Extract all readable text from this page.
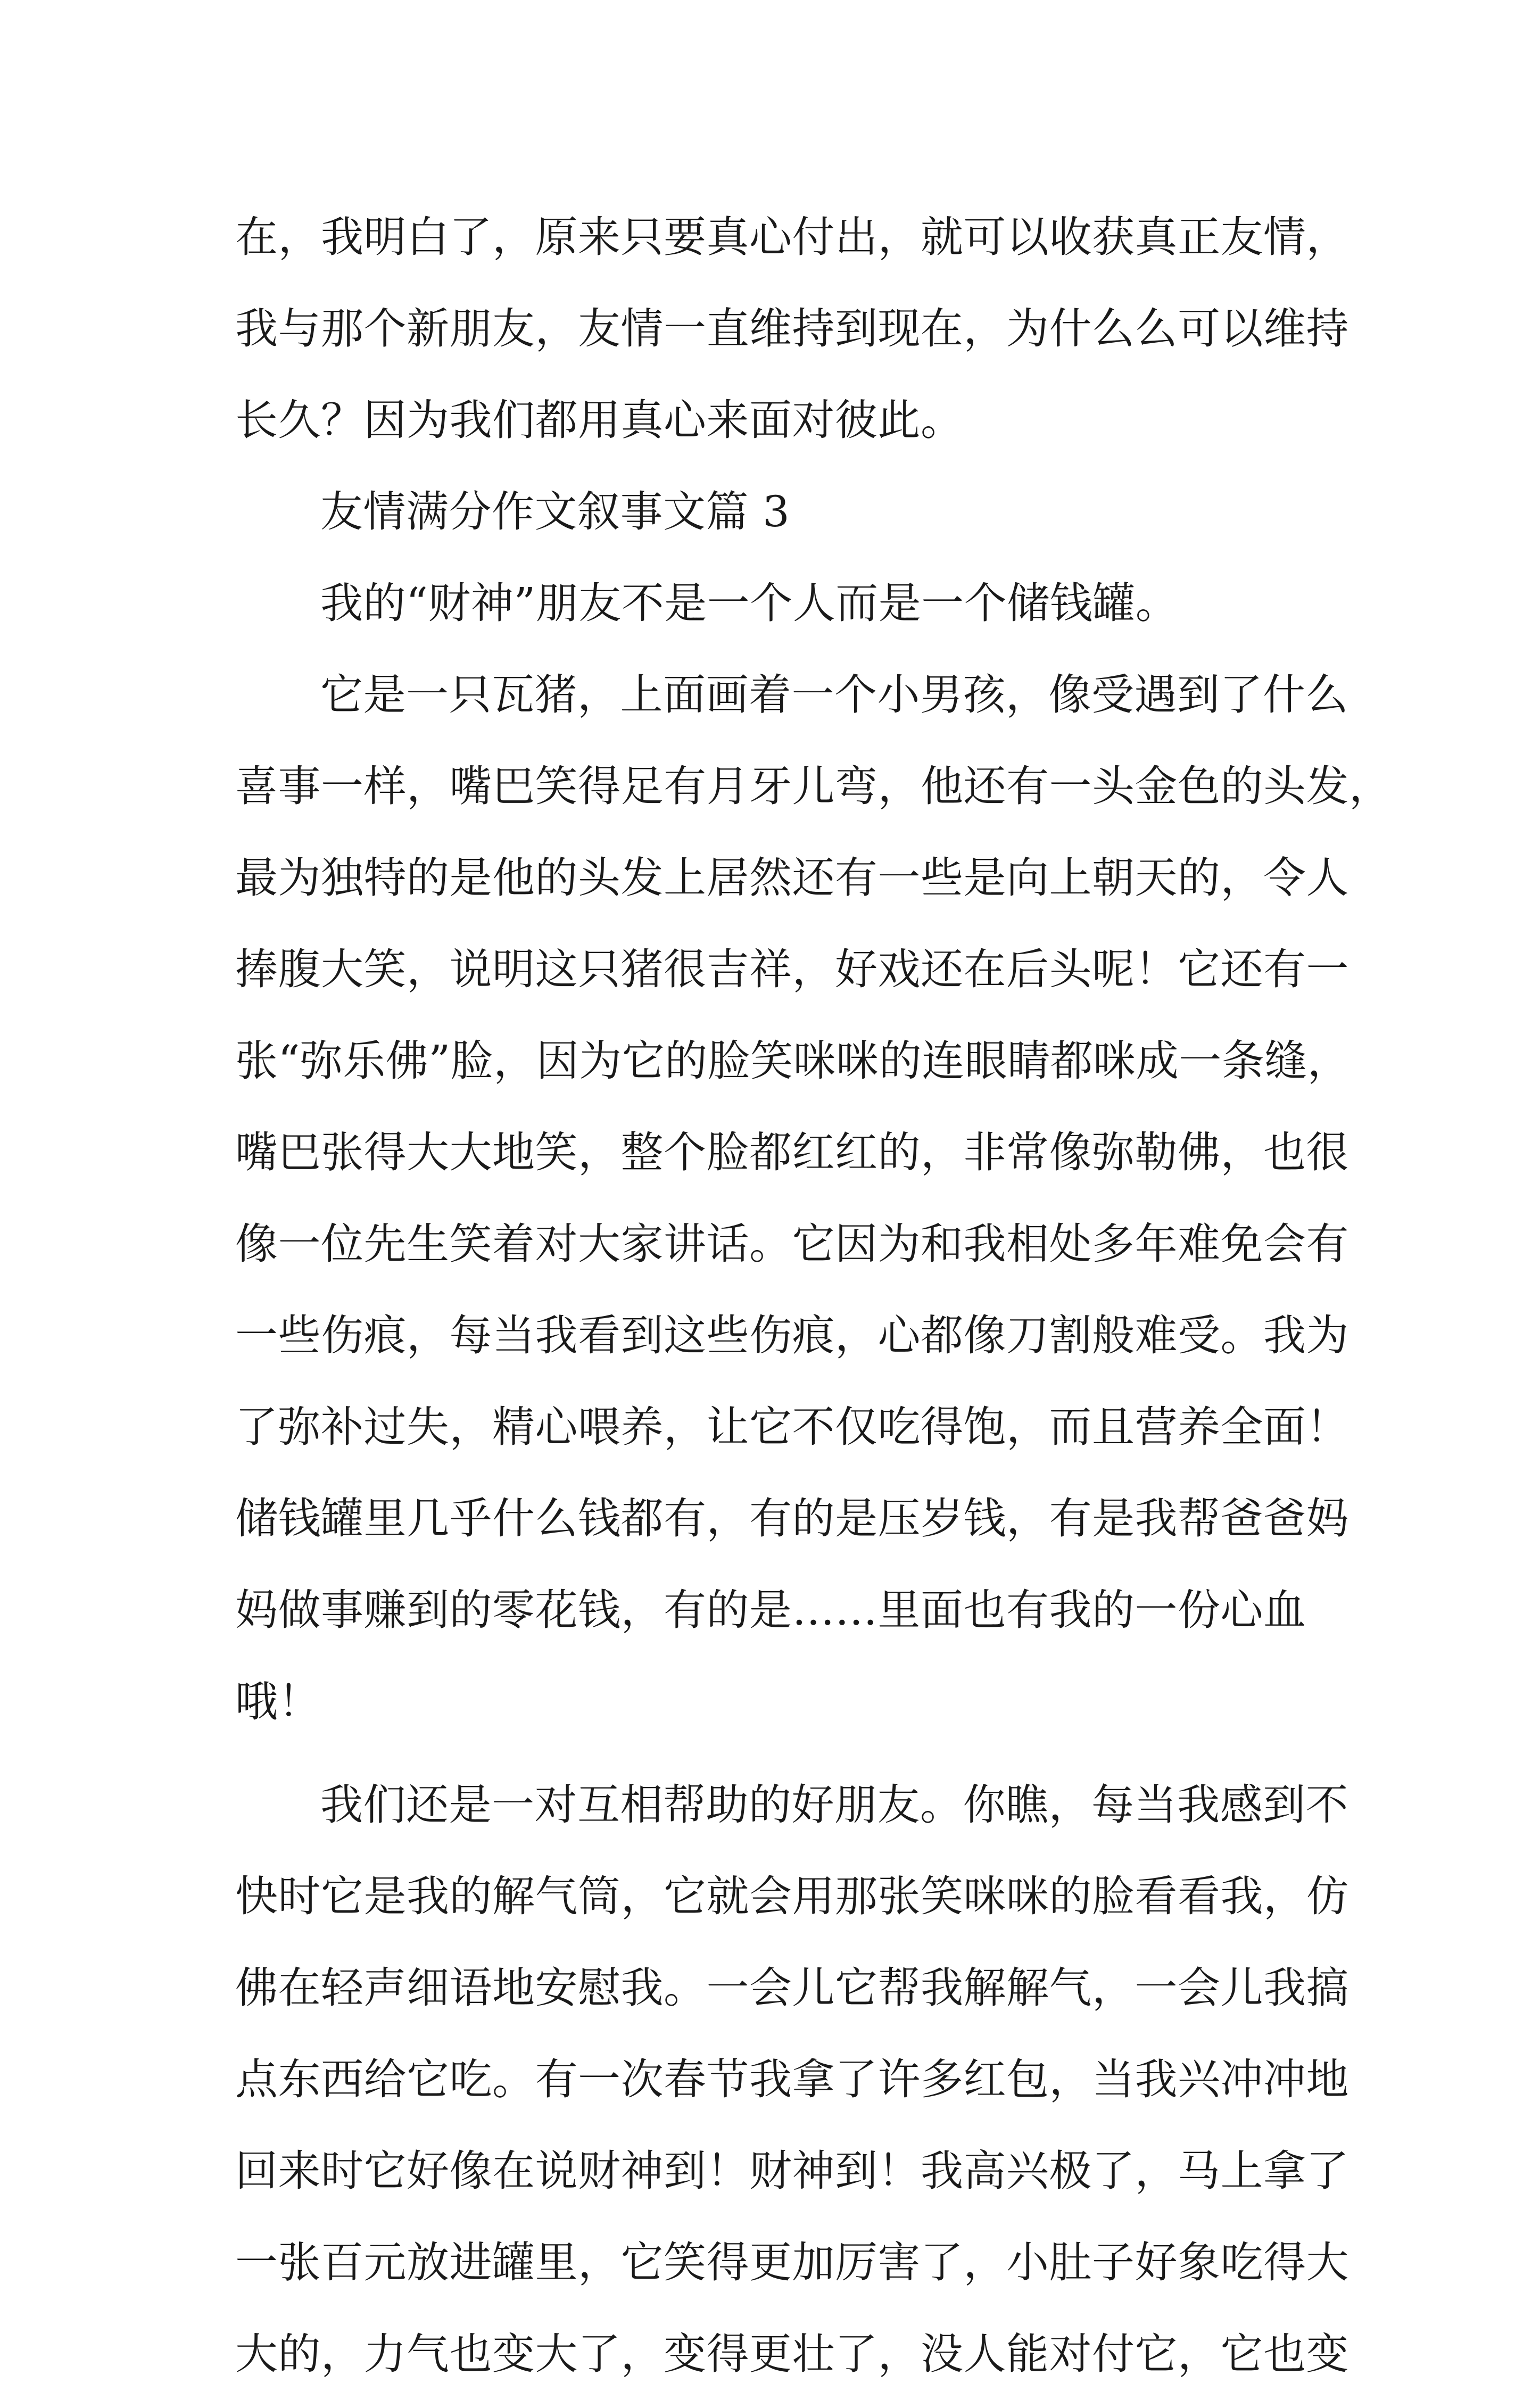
在，我明白了，原来只要真心付出，就可以收获真正友情，
我与那个新朋友，友情一直维持到现在，为什么么可以维持
长久？因为我们都用真心来面对彼此。
友情满分作文叙事文篇 3
我的“财神”朋友不是一个人而是一个储钱罐。
它是一只瓦猪，上面画着一个小男孩，像受遇到了什么
喜事一样，嘴巴笑得足有月牙儿弯，他还有一头金色的头发，
最为独特的是他的头发上居然还有一些是向上朝天的，令人
捧腹大笑，说明这只猪很吉祥，好戏还在后头呢！它还有一
张“弥乐佛”脸，因为它的脸笑咪咪的连眼睛都咪成一条缝，
嘴巴张得大大地笑，整个脸都红红的，非常像弥勒佛，也很
像一位先生笑着对大家讲话。它因为和我相处多年难免会有
一些伤痕，每当我看到这些伤痕，心都像刀割般难受。我为
了弥补过失，精心喂养，让它不仅吃得饱，而且营养全面！
储钱罐里几乎什么钱都有，有的是压岁钱，有是我帮爸爸妈
妈做事赚到的零花钱，有的是……里面也有我的一份心血
哦！
我们还是一对互相帮助的好朋友。你瞧，每当我感到不
快时它是我的解气筒，它就会用那张笑咪咪的脸看看我，仿
佛在轻声细语地安慰我。一会儿它帮我解解气，一会儿我搞
点东西给它吃。有一次春节我拿了许多红包，当我兴冲冲地
回来时它好像在说财神到！财神到！我高兴极了，马上拿了
一张百元放进罐里，它笑得更加厉害了，小肚子好象吃得大
大的，力气也变大了，变得更壮了，没人能对付它，它也变
